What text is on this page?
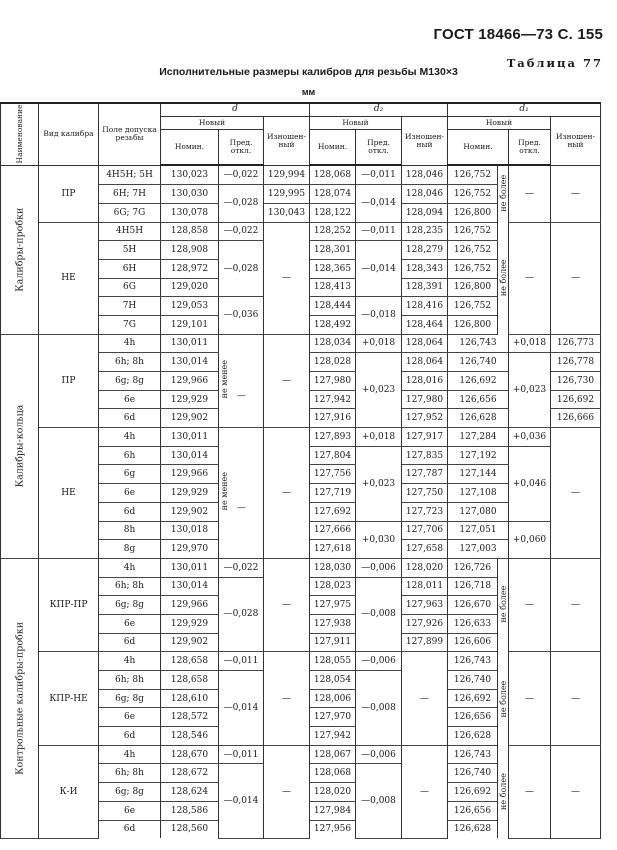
ГОСТ 18466—73 С. 155
Таблица 77
Исполнительные размеры калибров для резьбы М130×3
мм
Наименование	Вид калибра	Поле допуска резьбы	d			d₂			d₁			
			Новый		Изношен-ный	Новый		Изношен-ный	Новый			Изношен-ный
			Номин.	Пред. откл.		Номин.	Пред. откл.		Номин.		Пред. откл.	
Калибры-пробки	ПР	4Н5Н; 5Н	130,023	—0,022	129,994	128,068	—0,011	128,046	126,752	не более	—	—
		6Н; 7Н	130,030	—0,028	129,995	128,074	—0,014	128,046	126,752			
		6G; 7G	130,078		130,043	128,122		128,094	126,800			
	НЕ	4Н5Н	128,858	—0,022	—	128,252	—0,011	128,235	126,752	не более	—	—
		5Н	128,908	—0,028		128,301	—0,014	128,279	126,752			
		6Н	128,972			128,365		128,343	126,752			
		6G	129,020			128,413		128,391	126,800			
		7Н	129,053	—0,036		128,444	—0,018	128,416	126,752			
		7G	129,101			128,492		128,464	126,800			
Калибры-кольца	ПР	4h	130,011	не менее —	—	128,034	+0,018	128,064	126,743		+0,018	126,773
		6h; 8h	130,014			128,028	+0,023	128,064	126,740		+0,023	126,778
		6g; 8g	129,966			127,980		128,016	126,692			126,730
		6e	129,929			127,942		127,980	126,656			126,692
		6d	129,902			127,916		127,952	126,628			126,666
	НЕ	4h	130,011	не менее —	—	127,893	+0,018	127,917	127,284		+0,036	—
		6h	130,014			127,804	+0,023	127,835	127,192		+0,046	
		6g	129,966			127,756		127,787	127,144			
		6e	129,929			127,719		127,750	127,108			
		6d	129,902			127,692		127,723	127,080			
		8h	130,018			127,666	+0,030	127,706	127,051		+0,060	
		8g	129,970			127,618		127,658	127,003			
Контрольные калибры-пробки	КПР-ПР	4h	130,011	—0,022	—	128,030	—0,006	128,020	126,726	не более	—	—
		6h; 8h	130,014	—0,028		128,023	—0,008	128,011	126,718			
		6g; 8g	129,966			127,975		127,963	126,670			
		6e	129,929			127,938		127,926	126,633			
		6d	129,902			127,911		127,899	126,606			
	КПР-НЕ	4h	128,658	—0,011	—	128,055	—0,006	—	126,743	не более	—	—
		6h; 8h	128,658	—0,014		128,054	—0,008		126,740			
		6g; 8g	128,610			128,006			126,692			
		6e	128,572			127,970			126,656			
		6d	128,546			127,942			126,628			
	К-И	4h	128,670	—0,011	—	128,067	—0,006	—	126,743	не более	—	—
		6h; 8h	128,672	—0,014		128,068	—0,008		126,740			
		6g; 8g	128,624			128,020			126,692			
		6e	128,586			127,984			126,656			
		6d	128,560			127,956			126,628			
